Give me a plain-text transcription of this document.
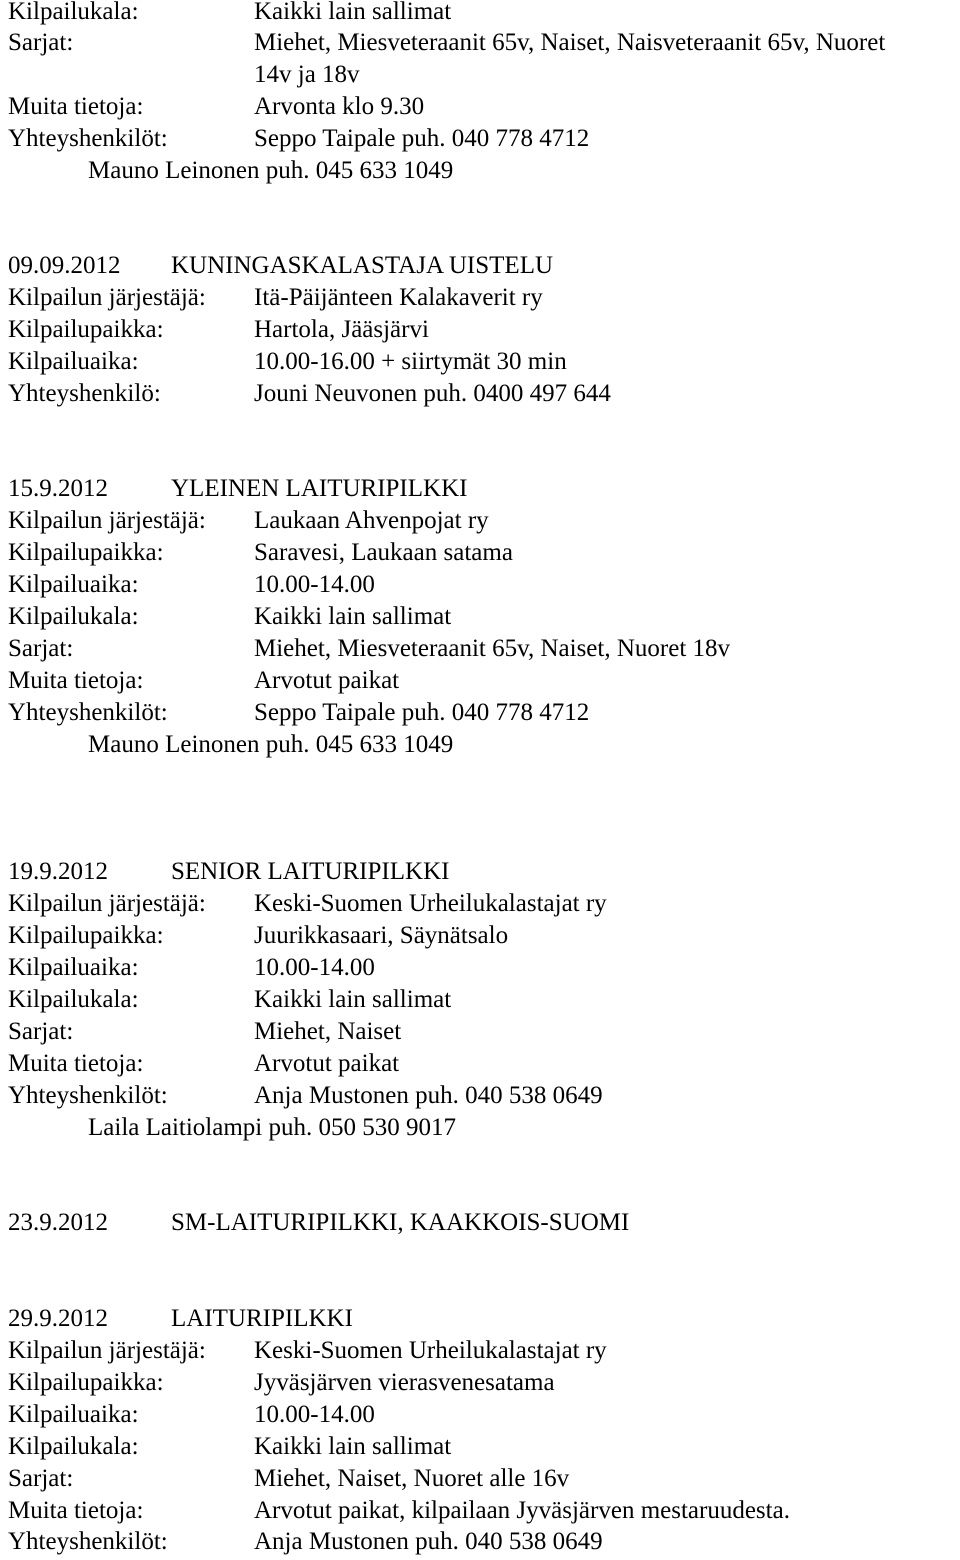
Kilpailukala:	Kaikki lain sallimat
Sarjat:	Miehet, Miesveteraanit 65v, Naiset, Naisveteraanit 65v, Nuoret
14v ja 18v
Muita tietoja:	Arvonta klo 9.30
Yhteyshenkilöt:	Seppo Taipale puh. 040 778 4712
Mauno Leinonen puh. 045 633 1049
09.09.2012 KUNINGASKALASTAJA UISTELU
Kilpailun järjestäjä: Itä-Päijänteen Kalakaverit ry
Kilpailupaikka:	Hartola, Jääsjärvi
Kilpailuaika:	10.00-16.00 + siirtymät 30 min
Yhteyshenkilö:	Jouni Neuvonen puh. 0400 497 644
15.9.2012	YLEINEN LAITURIPILKKI
Kilpailun järjestäjä: Laukaan Ahvenpojat ry
Kilpailupaikka:	Saravesi, Laukaan satama
Kilpailuaika:	10.00-14.00
Kilpailukala:	Kaikki lain sallimat
Sarjat:	Miehet, Miesveteraanit 65v, Naiset, Nuoret 18v
Muita tietoja:	Arvotut paikat
Yhteyshenkilöt:	Seppo Taipale puh. 040 778 4712
Mauno Leinonen puh. 045 633 1049
19.9.2012	SENIOR LAITURIPILKKI
Kilpailun järjestäjä: Keski-Suomen Urheilukalastajat ry
Kilpailupaikka:	Juurikkasaari, Säynätsalo
Kilpailuaika:	10.00-14.00
Kilpailukala:	Kaikki lain sallimat
Sarjat:	Miehet, Naiset
Muita tietoja:	Arvotut paikat
Yhteyshenkilöt:	Anja Mustonen puh. 040 538 0649
Laila Laitiolampi puh. 050 530 9017
23.9.2012	SM-LAITURIPILKKI, KAAKKOIS-SUOMI
29.9.2012	LAITURIPILKKI
Kilpailun järjestäjä: Keski-Suomen Urheilukalastajat ry
Kilpailupaikka:	Jyväsjärven vierasvenesatama
Kilpailuaika:	10.00-14.00
Kilpailukala:	Kaikki lain sallimat
Sarjat:	Miehet, Naiset, Nuoret alle 16v
Muita tietoja:	Arvotut paikat, kilpailaan Jyväsjärven mestaruudesta.
Yhteyshenkilöt:	Anja Mustonen puh. 040 538 0649
